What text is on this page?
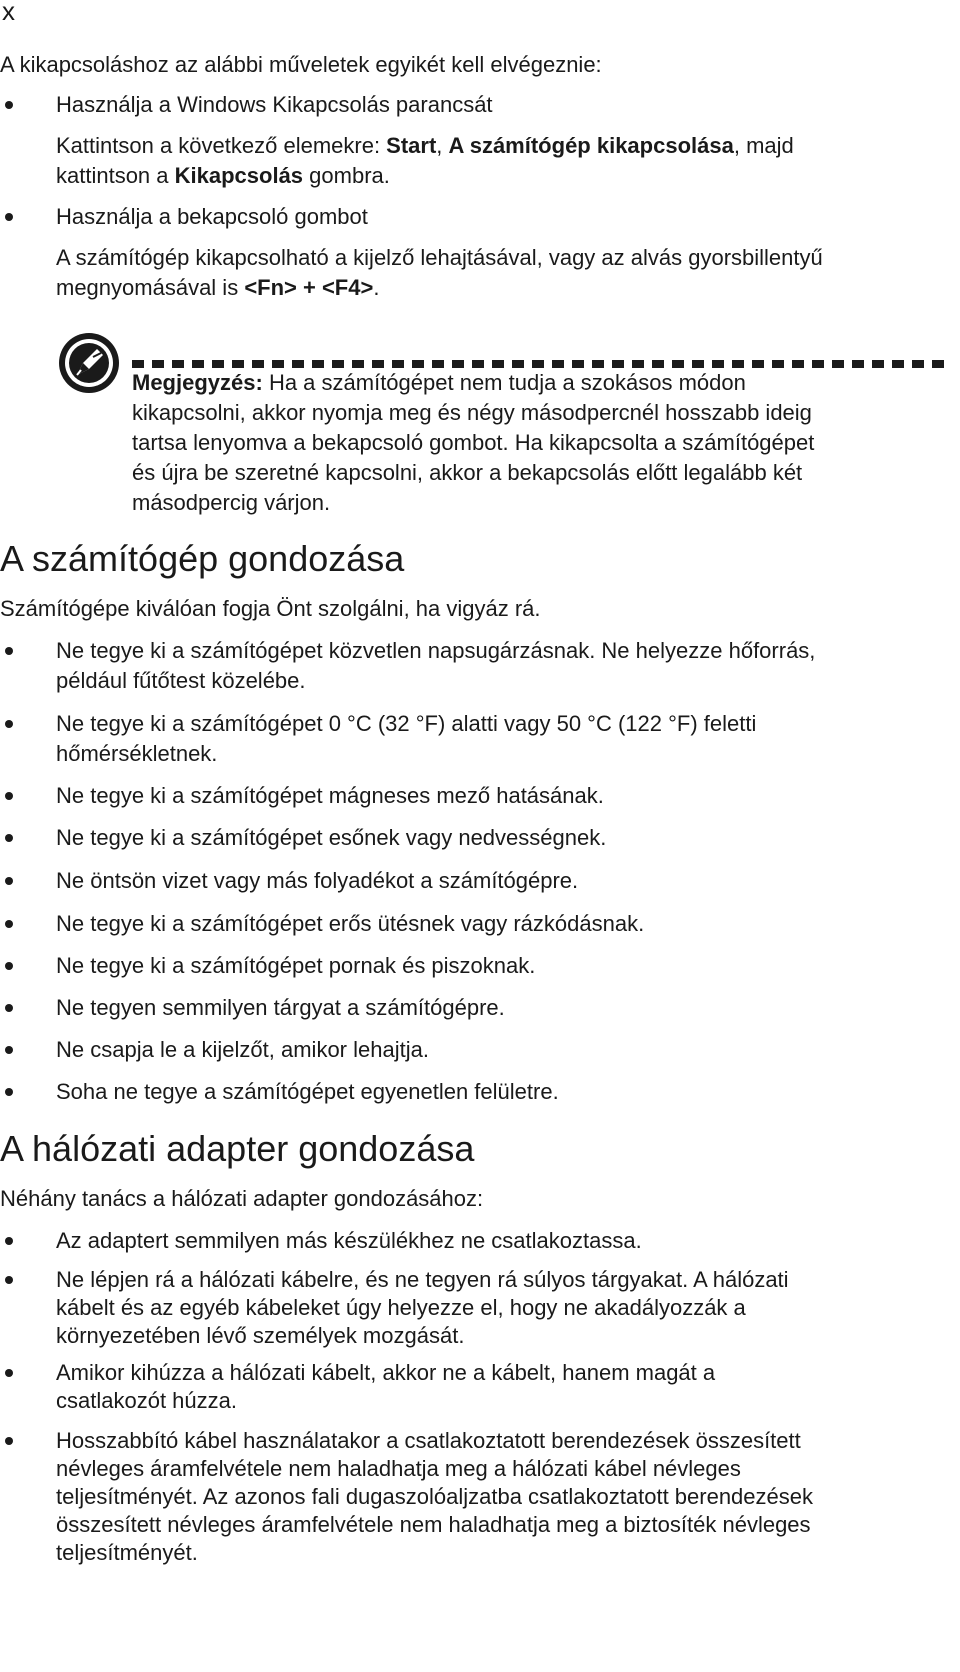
x
A kikapcsoláshoz az alábbi műveletek egyikét kell elvégeznie:
Használja a Windows Kikapcsolás parancsát
Kattintson a következő elemekre: Start, A számítógép kikapcsolása, majd
kattintson a Kikapcsolás gombra.
Használja a bekapcsoló gombot
A számítógép kikapcsolható a kijelző lehajtásával, vagy az alvás gyorsbillentyű
megnyomásával is <Fn> + <F4>.
Megjegyzés: Ha a számítógépet nem tudja a szokásos módon
kikapcsolni, akkor nyomja meg és négy másodpercnél hosszabb ideig
tartsa lenyomva a bekapcsoló gombot. Ha kikapcsolta a számítógépet
és újra be szeretné kapcsolni, akkor a bekapcsolás előtt legalább két
másodpercig várjon.
A számítógép gondozása
Számítógépe kiválóan fogja Önt szolgálni, ha vigyáz rá.
Ne tegye ki a számítógépet közvetlen napsugárzásnak. Ne helyezze hőforrás,
például fűtőtest közelébe.
Ne tegye ki a számítógépet 0 °C (32 °F) alatti vagy 50 °C (122 °F) feletti
hőmérsékletnek.
Ne tegye ki a számítógépet mágneses mező hatásának.
Ne tegye ki a számítógépet esőnek vagy nedvességnek.
Ne öntsön vizet vagy más folyadékot a számítógépre.
Ne tegye ki a számítógépet erős ütésnek vagy rázkódásnak.
Ne tegye ki a számítógépet pornak és piszoknak.
Ne tegyen semmilyen tárgyat a számítógépre.
Ne csapja le a kijelzőt, amikor lehajtja.
Soha ne tegye a számítógépet egyenetlen felületre.
A hálózati adapter gondozása
Néhány tanács a hálózati adapter gondozásához:
Az adaptert semmilyen más készülékhez ne csatlakoztassa.
Ne lépjen rá a hálózati kábelre, és ne tegyen rá súlyos tárgyakat. A hálózati
kábelt és az egyéb kábeleket úgy helyezze el, hogy ne akadályozzák a
környezetében lévő személyek mozgását.
Amikor kihúzza a hálózati kábelt, akkor ne a kábelt, hanem magát a
csatlakozót húzza.
Hosszabbító kábel használatakor a csatlakoztatott berendezések összesített
névleges áramfelvétele nem haladhatja meg a hálózati kábel névleges
teljesítményét. Az azonos fali dugaszolóaljzatba csatlakoztatott berendezések
összesített névleges áramfelvétele nem haladhatja meg a biztosíték névleges
teljesítményét.
